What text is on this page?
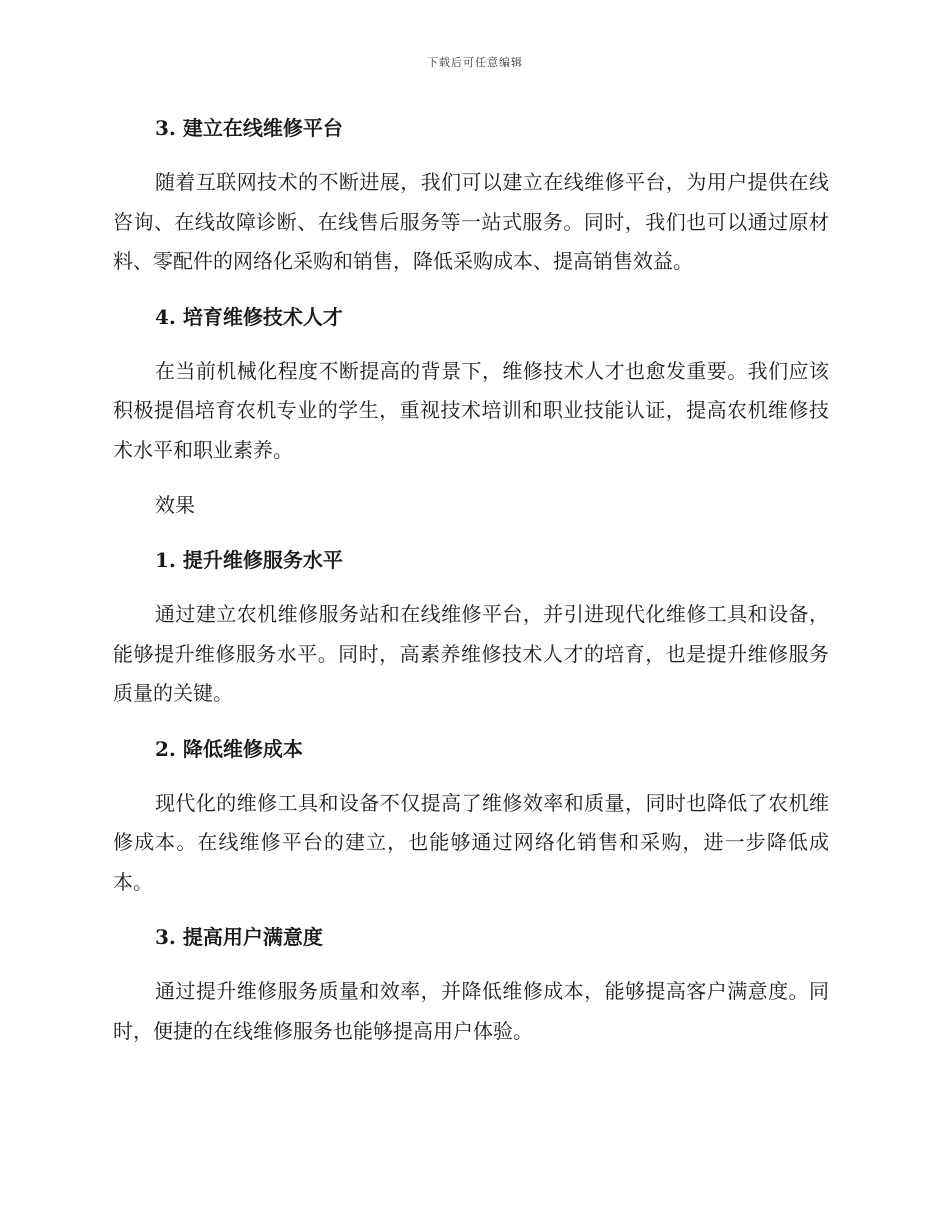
下载后可任意编辑
3. 建立在线维修平台

随着互联网技术的不断进展，我们可以建立在线维修平台，为用户提供在线咨询、在线故障诊断、在线售后服务等一站式服务。同时，我们也可以通过原材料、零配件的网络化采购和销售，降低采购成本、提高销售效益。

4. 培育维修技术人才

在当前机械化程度不断提高的背景下，维修技术人才也愈发重要。我们应该积极提倡培育农机专业的学生，重视技术培训和职业技能认证，提高农机维修技术水平和职业素养。

效果
1. 提升维修服务水平

通过建立农机维修服务站和在线维修平台，并引进现代化维修工具和设备，能够提升维修服务水平。同时，高素养维修技术人才的培育，也是提升维修服务质量的关键。

2. 降低维修成本

现代化的维修工具和设备不仅提高了维修效率和质量，同时也降低了农机维修成本。在线维修平台的建立，也能够通过网络化销售和采购，进一步降低成本。

3. 提高用户满意度

通过提升维修服务质量和效率，并降低维修成本，能够提高客户满意度。同时，便捷的在线维修服务也能够提高用户体验。
